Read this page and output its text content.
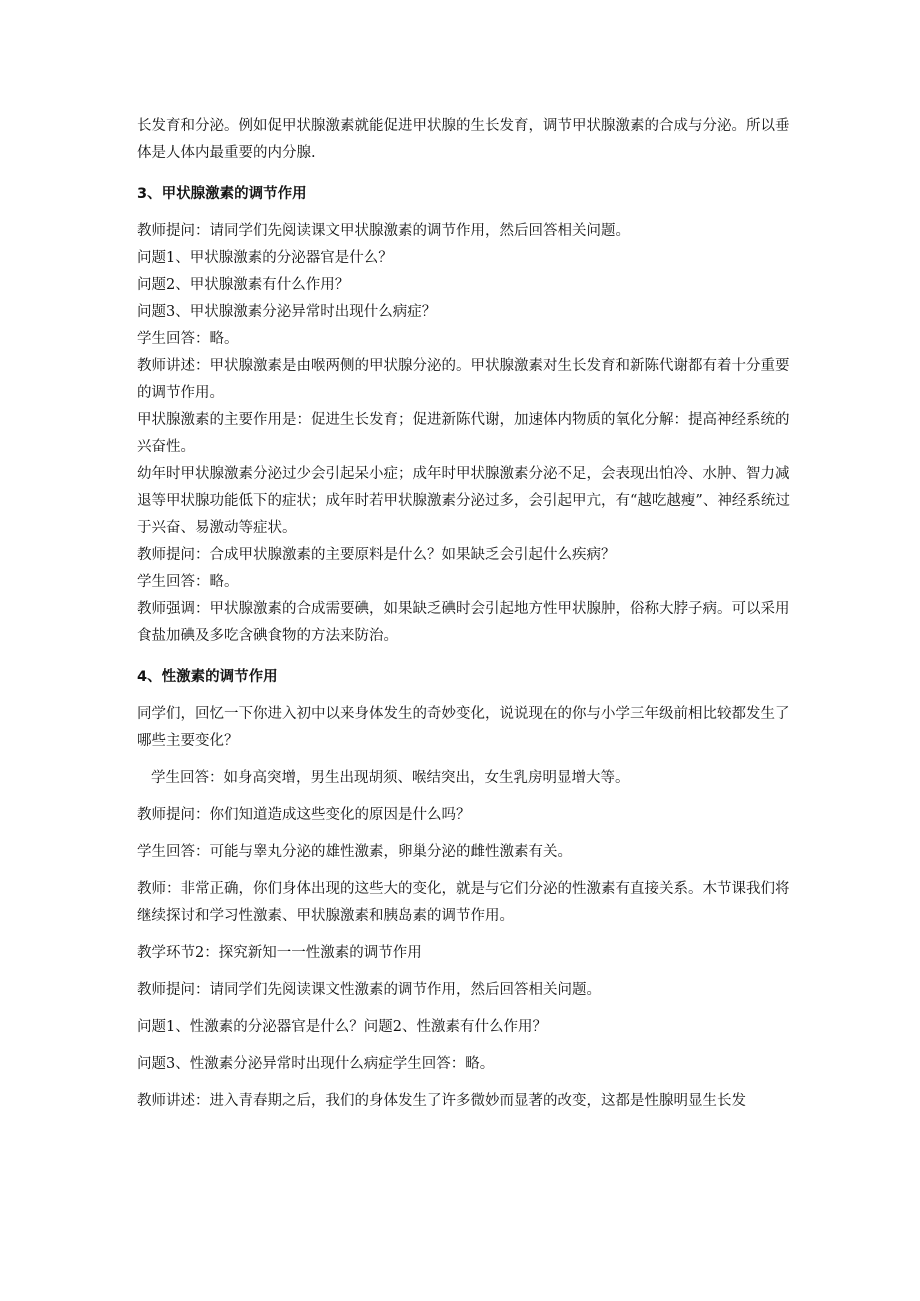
长发育和分泌。例如促甲状腺激素就能促进甲状腺的生长发育，调节甲状腺激素的合成与分泌。所以垂体是人体内最重要的内分腺.

3、甲状腺激素的调节作用

教师提问：请同学们先阅读课文甲状腺激素的调节作用，然后回答相关问题。

问题1、甲状腺激素的分泌器官是什么？

问题2、甲状腺激素有什么作用？

问题3、甲状腺激素分泌异常时出现什么病症？

学生回答：略。

教师讲述：甲状腺激素是由喉两侧的甲状腺分泌的。甲状腺激素对生长发育和新陈代谢都有着十分重要的调节作用。

甲状腺激素的主要作用是：促进生长发育；促进新陈代谢，加速体内物质的氧化分解：提高神经系统的兴奋性。

幼年时甲状腺激素分泌过少会引起呆小症；成年时甲状腺激素分泌不足，会表现出怕冷、水肿、智力减退等甲状腺功能低下的症状；成年时若甲状腺激素分泌过多，会引起甲亢，有“越吃越瘦”、神经系统过于兴奋、易激动等症状。

教师提问：合成甲状腺激素的主要原料是什么？如果缺乏会引起什么疾病？

学生回答：略。

教师强调：甲状腺激素的合成需要碘，如果缺乏碘时会引起地方性甲状腺肿，俗称大脖子病。可以采用食盐加碘及多吃含碘食物的方法来防治。

4、性激素的调节作用

同学们，回忆一下你进入初中以来身体发生的奇妙变化，说说现在的你与小学三年级前相比较都发生了哪些主要变化？

学生回答：如身高突增，男生出现胡须、喉结突出，女生乳房明显增大等。

教师提问：你们知道造成这些变化的原因是什么吗？

学生回答：可能与睾丸分泌的雄性激素，卵巢分泌的雌性激素有关。

教师：非常正确，你们身体出现的这些大的变化，就是与它们分泌的性激素有直接关系。木节课我们将继续探讨和学习性激素、甲状腺激素和胰岛素的调节作用。

教学环节2：探究新知一一性激素的调节作用

教师提问：请同学们先阅读课文性激素的调节作用，然后回答相关问题。

问题1、性激素的分泌器官是什么？问题2、性激素有什么作用？

问题3、性激素分泌异常时出现什么病症学生回答：略。

教师讲述：进入青春期之后，我们的身体发生了许多微妙而显著的改变，这都是性腺明显生长发
